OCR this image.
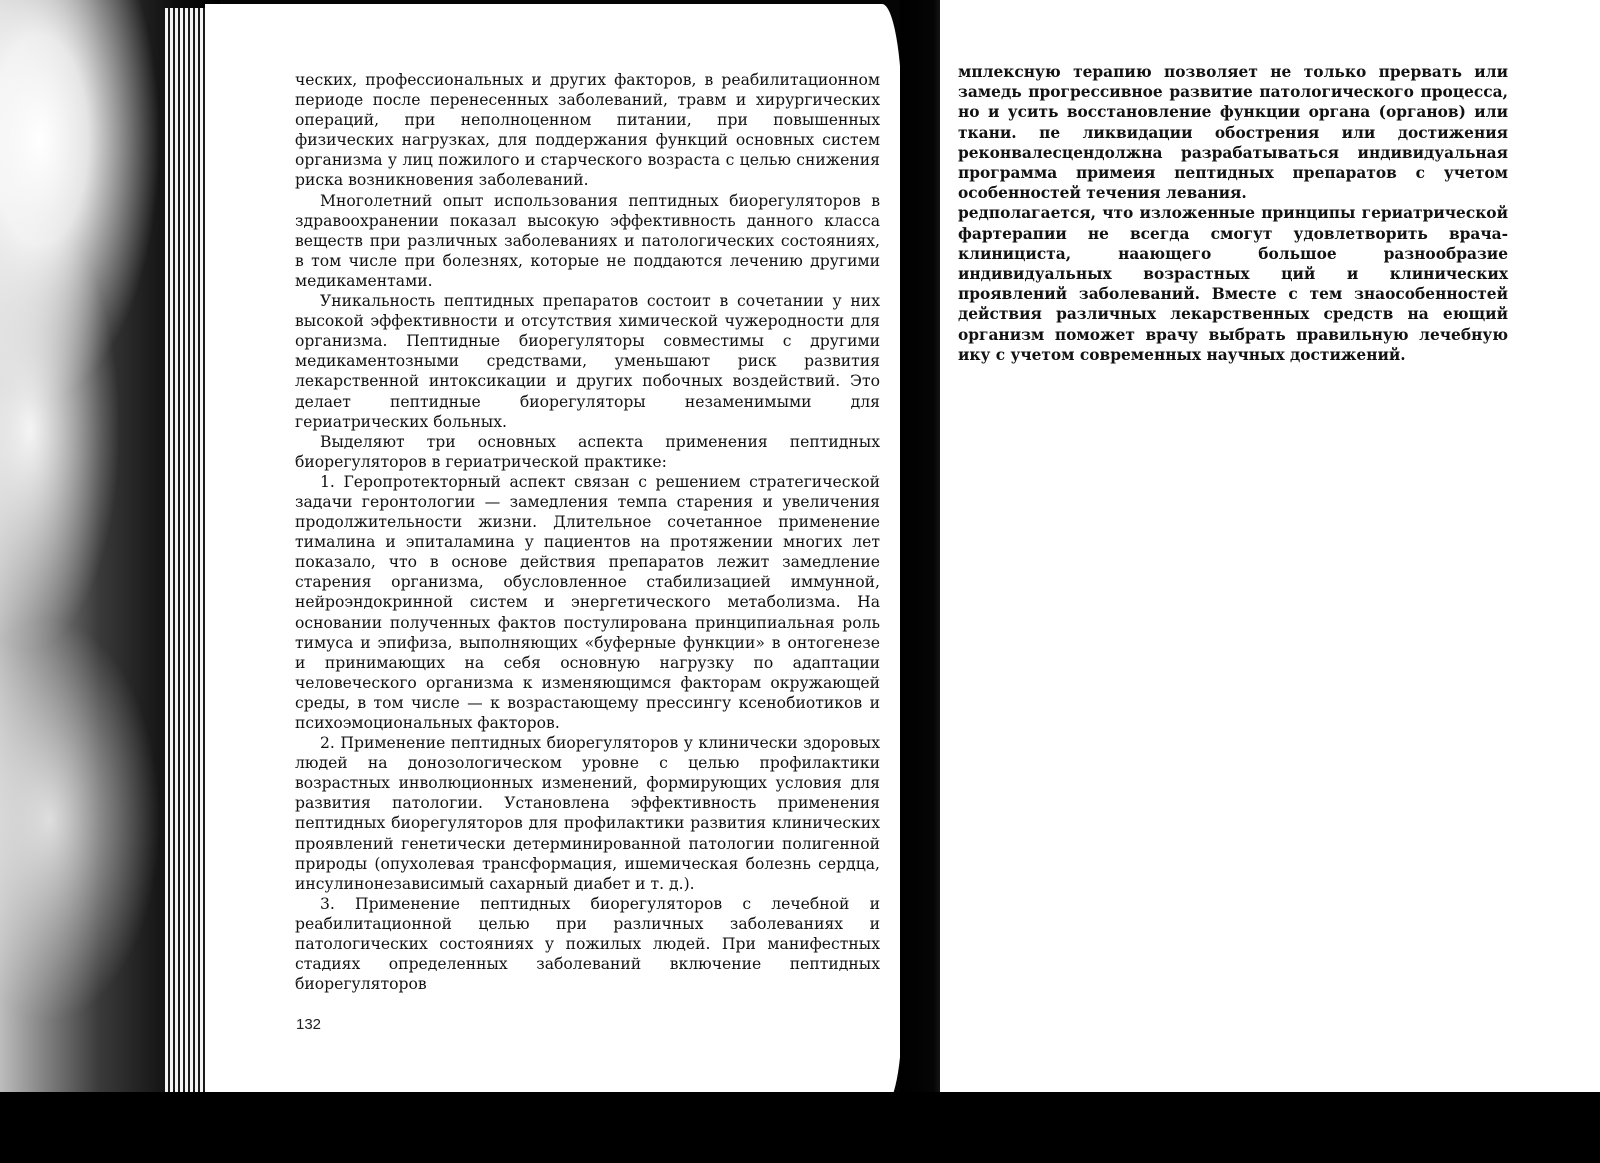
ческих, профессиональных и других факторов, в реабилитационном периоде после перенесенных заболеваний, травм и хирургических операций, при неполноценном питании, при повышенных физических нагрузках, для поддержания функций основных систем организма у лиц пожилого и старческого возраста с целью снижения риска возникновения заболеваний.

Многолетний опыт использования пептидных биорегуляторов в здравоохранении показал высокую эффективность данного класса веществ при различных заболеваниях и патологических состояниях, в том числе при болезнях, которые не поддаются лечению другими медикаментами.

Уникальность пептидных препаратов состоит в сочетании у них высокой эффективности и отсутствия химической чужеродности для организма. Пептидные биорегуляторы совместимы с другими медикаментозными средствами, уменьшают риск развития лекарственной интоксикации и других побочных воздействий. Это делает пептидные биорегуляторы незаменимыми для гериатрических больных.

Выделяют три основных аспекта применения пептидных биорегуляторов в гериатрической практике:

1. Геропротекторный аспект связан с решением стратегической задачи геронтологии — замедления темпа старения и увеличения продолжительности жизни. Длительное сочетанное применение тималина и эпиталамина у пациентов на протяжении многих лет показало, что в основе действия препаратов лежит замедление старения организма, обусловленное стабилизацией иммунной, нейроэндокринной систем и энергетического метаболизма. На основании полученных фактов постулирована принципиальная роль тимуса и эпифиза, выполняющих «буферные функции» в онтогенезе и принимающих на себя основную нагрузку по адаптации человеческого организма к изменяющимся факторам окружающей среды, в том числе — к возрастающему прессингу ксенобиотиков и психоэмоциональных факторов.

2. Применение пептидных биорегуляторов у клинически здоровых людей на донозологическом уровне с целью профилактики возрастных инволюционных изменений, формирующих условия для развития патологии. Установлена эффективность применения пептидных биорегуляторов для профилактики развития клинических проявлений генетически детерминированной патологии полигенной природы (опухолевая трансформация, ишемическая болезнь сердца, инсулинонезависимый сахарный диабет и т. д.).

3. Применение пептидных биорегуляторов с лечебной и реабилитационной целью при различных заболеваниях и патологических состояниях у пожилых людей. При манифестных стадиях определенных заболеваний включение пептидных биорегуляторов

132

мплексную терапию позволяет не только прервать или замедь прогрессивное развитие патологического процесса, но и усить восстановление функции органа (органов) или ткани. пе ликвидации обострения или достижения реконвалесцендолжна разрабатываться индивидуальная программа примеия пептидных препаратов с учетом особенностей течения левания.

редполагается, что изложенные принципы гериатрической фартерапии не всегда смогут удовлетворить врача-клинициста, наающего большое разнообразие индивидуальных возрастных ций и клинических проявлений заболеваний. Вместе с тем знаособенностей действия различных лекарственных средств на еющий организм поможет врачу выбрать правильную лечебную ику с учетом современных научных достижений.
